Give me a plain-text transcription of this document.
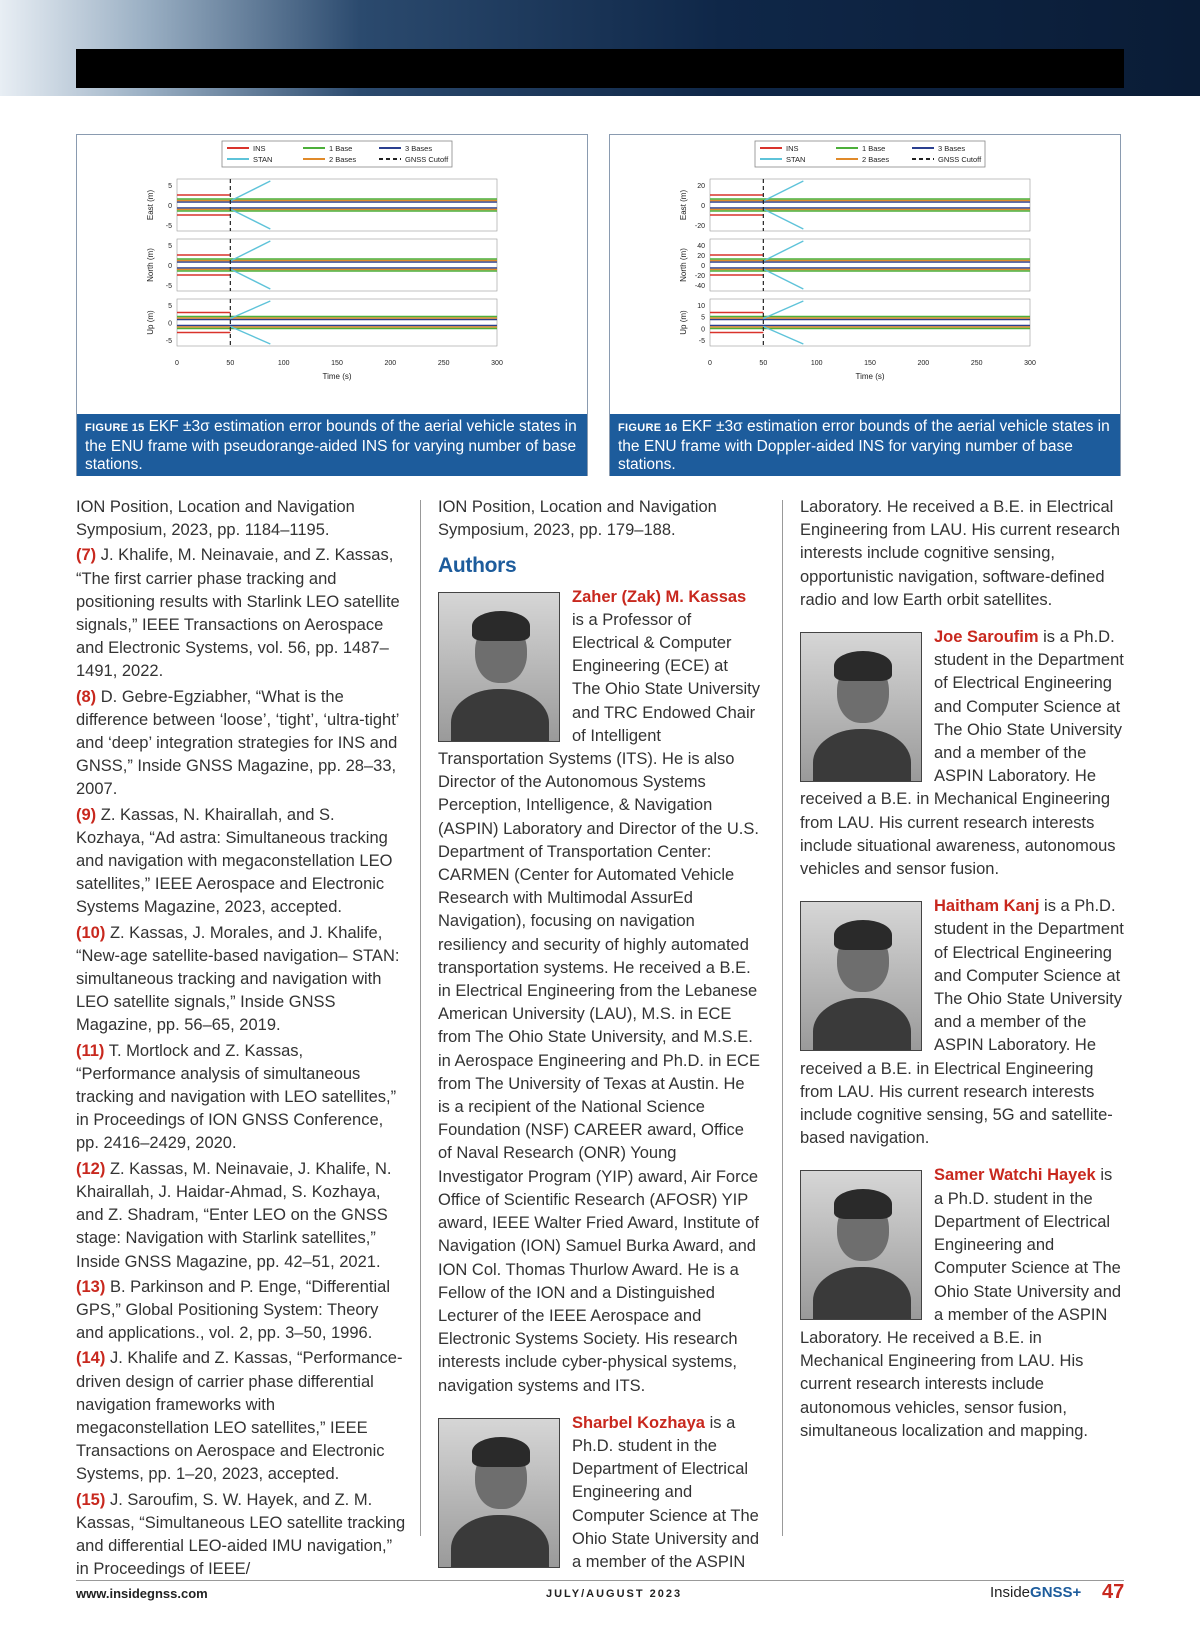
INS
STAN
1 Base
2 Bases
3 Bases
GNSS Cutoff
East (m)
5
0
-5
North (m)
5
0
-5
Up (m)
5
0
-5
0	50	100	150	200	250	300
Time (s)
FIGURE 15 EKF ±3σ estimation error bounds of the aerial vehicle states in the ENU frame with pseudorange-aided INS for varying number of base stations.
INS
STAN
1 Base
2 Bases
3 Bases
GNSS Cutoff
East (m)
20
0
-20
North (m)
40
20
0
-20
-40
Up (m)
10
5
0
-5
0	50	100	150	200	250	300
Time (s)
FIGURE 16 EKF ±3σ estimation error bounds of the aerial vehicle states in the ENU frame with Doppler-aided INS for varying number of base stations.

ION Position, Location and Navigation Symposium, 2023, pp. 1184–1195.

(7) J. Khalife, M. Neinavaie, and Z. Kassas, “The first carrier phase tracking and positioning results with Starlink LEO satellite signals,” IEEE Transactions on Aerospace and Electronic Systems, vol. 56, pp. 1487–1491, 2022.

(8) D. Gebre-Egziabher, “What is the difference between ‘loose’, ‘tight’, ‘ultra-tight’ and ‘deep’ integration strategies for INS and GNSS,” Inside GNSS Magazine, pp. 28–33, 2007.

(9) Z. Kassas, N. Khairallah, and S. Kozhaya, “Ad astra: Simultaneous tracking and navigation with megaconstellation LEO satellites,” IEEE Aerospace and Electronic Systems Magazine, 2023, accepted.

(10) Z. Kassas, J. Morales, and J. Khalife, “New-age satellite-based navigation– STAN: simultaneous tracking and navigation with LEO satellite signals,” Inside GNSS Magazine, pp. 56–65, 2019.

(11) T. Mortlock and Z. Kassas, “Performance analysis of simultaneous tracking and navigation with LEO satellites,” in Proceedings of ION GNSS Conference, pp. 2416–2429, 2020.

(12) Z. Kassas, M. Neinavaie, J. Khalife, N. Khairallah, J. Haidar-Ahmad, S. Kozhaya, and Z. Shadram, “Enter LEO on the GNSS stage: Navigation with Starlink satellites,” Inside GNSS Magazine, pp. 42–51, 2021.

(13) B. Parkinson and P. Enge, “Differential GPS,” Global Positioning System: Theory and applications., vol. 2, pp. 3–50, 1996.

(14) J. Khalife and Z. Kassas, “Performance-driven design of carrier phase differential navigation frameworks with megaconstellation LEO satellites,” IEEE Transactions on Aerospace and Electronic Systems, pp. 1–20, 2023, accepted.

(15) J. Saroufim, S. W. Hayek, and Z. M. Kassas, “Simultaneous LEO satellite tracking and differential LEO-aided IMU navigation,” in Proceedings of IEEE/

ION Position, Location and Navigation Symposium, 2023, pp. 179–188.

Authors
Zaher (Zak) M. Kassas is a Professor of Electrical & Computer Engineering (ECE) at The Ohio State University and TRC Endowed Chair of Intelligent Transportation Systems (ITS). He is also Director of the Autonomous Systems Perception, Intelligence, & Navigation (ASPIN) Laboratory and Director of the U.S. Department of Transportation Center: CARMEN (Center for Automated Vehicle Research with Multimodal AssurEd Navigation), focusing on navigation resiliency and security of highly automated transportation systems. He received a B.E. in Electrical Engineering from the Lebanese American University (LAU), M.S. in ECE from The Ohio State University, and M.S.E. in Aerospace Engineering and Ph.D. in ECE from The University of Texas at Austin. He is a recipient of the National Science Foundation (NSF) CAREER award, Office of Naval Research (ONR) Young Investigator Program (YIP) award, Air Force Office of Scientific Research (AFOSR) YIP award, IEEE Walter Fried Award, Institute of Navigation (ION) Samuel Burka Award, and ION Col. Thomas Thurlow Award. He is a Fellow of the ION and a Distinguished Lecturer of the IEEE Aerospace and Electronic Systems Society. His research interests include cyber-physical systems, navigation systems and ITS.
Sharbel Kozhaya is a Ph.D. student in the Department of Electrical Engineering and Computer Science at The Ohio State University and a member of the ASPIN

Laboratory. He received a B.E. in Electrical Engineering from LAU. His current research interests include cognitive sensing, opportunistic navigation, software-defined radio and low Earth orbit satellites.

Joe Saroufim is a Ph.D. student in the Department of Electrical Engineering and Computer Science at The Ohio State University and a member of the ASPIN Laboratory. He received a B.E. in Mechanical Engineering from LAU. His current research interests include situational awareness, autonomous vehicles and sensor fusion.
Haitham Kanj is a Ph.D. student in the Department of Electrical Engineering and Computer Science at The Ohio State University and a member of the ASPIN Laboratory. He received a B.E. in Electrical Engineering from LAU. His current research interests include cognitive sensing, 5G and satellite-based navigation.
Samer Watchi Hayek is a Ph.D. student in the Department of Electrical Engineering and Computer Science at The Ohio State University and a member of the ASPIN Laboratory. He received a B.E. in Mechanical Engineering from LAU. His current research interests include autonomous vehicles, sensor fusion, simultaneous localization and mapping.
www.insidegnss.com	JULY/AUGUST 2023	InsideGNSS+ 47
